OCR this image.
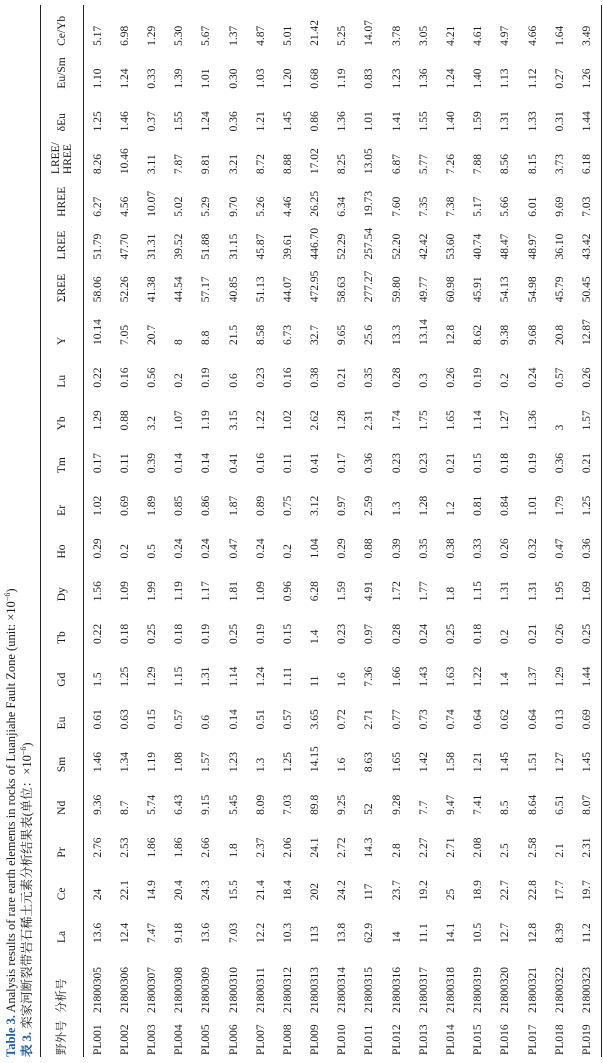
Table 3. Analysis results of rare earth elements in rocks of Luanjiahe Fault Zone (unit: $\times 10^{-6}$)
表 3. 栾家河断裂带岩石稀土元素分析结果表(单位：$\times 10^{-6}$)
野外号	分析号	La	Ce	Pr	Nd	Sm	Eu	Gd	Tb	Dy	Ho	Er	Tm	Yb	Lu	Y	ΣREE	LREE	HREE	LREE/ HREE	δEu	Eu/Sm	Ce/Yb
PL001	21800305	13.6	24	2.76	9.36	1.46	0.61	1.5	0.22	1.56	0.29	1.02	0.17	1.29	0.22	10.14	58.06	51.79	6.27	8.26	1.25	1.10	5.17
PL002	21800306	12.4	22.1	2.53	8.7	1.34	0.63	1.25	0.18	1.09	0.2	0.69	0.11	0.88	0.16	7.05	52.26	47.70	4.56	10.46	1.46	1.24	6.98
PL003	21800307	7.47	14.9	1.86	5.74	1.19	0.15	1.29	0.25	1.99	0.5	1.89	0.39	3.2	0.56	20.7	41.38	31.31	10.07	3.11	0.37	0.33	1.29
PL004	21800308	9.18	20.4	1.86	6.43	1.08	0.57	1.15	0.18	1.19	0.24	0.85	0.14	1.07	0.2	8	44.54	39.52	5.02	7.87	1.55	1.39	5.30
PL005	21800309	13.6	24.3	2.66	9.15	1.57	0.6	1.31	0.19	1.17	0.24	0.86	0.14	1.19	0.19	8.8	57.17	51.88	5.29	9.81	1.24	1.01	5.67
PL006	21800310	7.03	15.5	1.8	5.45	1.23	0.14	1.14	0.25	1.81	0.47	1.87	0.41	3.15	0.6	21.5	40.85	31.15	9.70	3.21	0.36	0.30	1.37
PL007	21800311	12.2	21.4	2.37	8.09	1.3	0.51	1.24	0.19	1.09	0.24	0.89	0.16	1.22	0.23	8.58	51.13	45.87	5.26	8.72	1.21	1.03	4.87
PL008	21800312	10.3	18.4	2.06	7.03	1.25	0.57	1.11	0.15	0.96	0.2	0.75	0.11	1.02	0.16	6.73	44.07	39.61	4.46	8.88	1.45	1.20	5.01
PL009	21800313	113	202	24.1	89.8	14.15	3.65	11	1.4	6.28	1.04	3.12	0.41	2.62	0.38	32.7	472.95	446.70	26.25	17.02	0.86	0.68	21.42
PL010	21800314	13.8	24.2	2.72	9.25	1.6	0.72	1.6	0.23	1.59	0.29	0.97	0.17	1.28	0.21	9.65	58.63	52.29	6.34	8.25	1.36	1.19	5.25
PL011	21800315	62.9	117	14.3	52	8.63	2.71	7.36	0.97	4.91	0.88	2.59	0.36	2.31	0.35	25.6	277.27	257.54	19.73	13.05	1.01	0.83	14.07
PL012	21800316	14	23.7	2.8	9.28	1.65	0.77	1.66	0.28	1.72	0.39	1.3	0.23	1.74	0.28	13.3	59.80	52.20	7.60	6.87	1.41	1.23	3.78
PL013	21800317	11.1	19.2	2.27	7.7	1.42	0.73	1.43	0.24	1.77	0.35	1.28	0.23	1.75	0.3	13.14	49.77	42.42	7.35	5.77	1.55	1.36	3.05
PL014	21800318	14.1	25	2.71	9.47	1.58	0.74	1.63	0.25	1.8	0.38	1.2	0.21	1.65	0.26	12.8	60.98	53.60	7.38	7.26	1.40	1.24	4.21
PL015	21800319	10.5	18.9	2.08	7.41	1.21	0.64	1.22	0.18	1.15	0.33	0.81	0.15	1.14	0.19	8.62	45.91	40.74	5.17	7.88	1.59	1.40	4.61
PL016	21800320	12.7	22.7	2.5	8.5	1.45	0.62	1.4	0.2	1.31	0.26	0.84	0.18	1.27	0.2	9.38	54.13	48.47	5.66	8.56	1.31	1.13	4.97
PL017	21800321	12.8	22.8	2.58	8.64	1.51	0.64	1.37	0.21	1.31	0.32	1.01	0.19	1.36	0.24	9.68	54.98	48.97	6.01	8.15	1.33	1.12	4.66
PL018	21800322	8.39	17.7	2.1	6.51	1.27	0.13	1.29	0.26	1.95	0.47	1.79	0.36	3	0.57	20.8	45.79	36.10	9.69	3.73	0.31	0.27	1.64
PL019	21800323	11.2	19.7	2.31	8.07	1.45	0.69	1.44	0.25	1.69	0.36	1.25	0.21	1.57	0.26	12.87	50.45	43.42	7.03	6.18	1.44	1.26	3.49
